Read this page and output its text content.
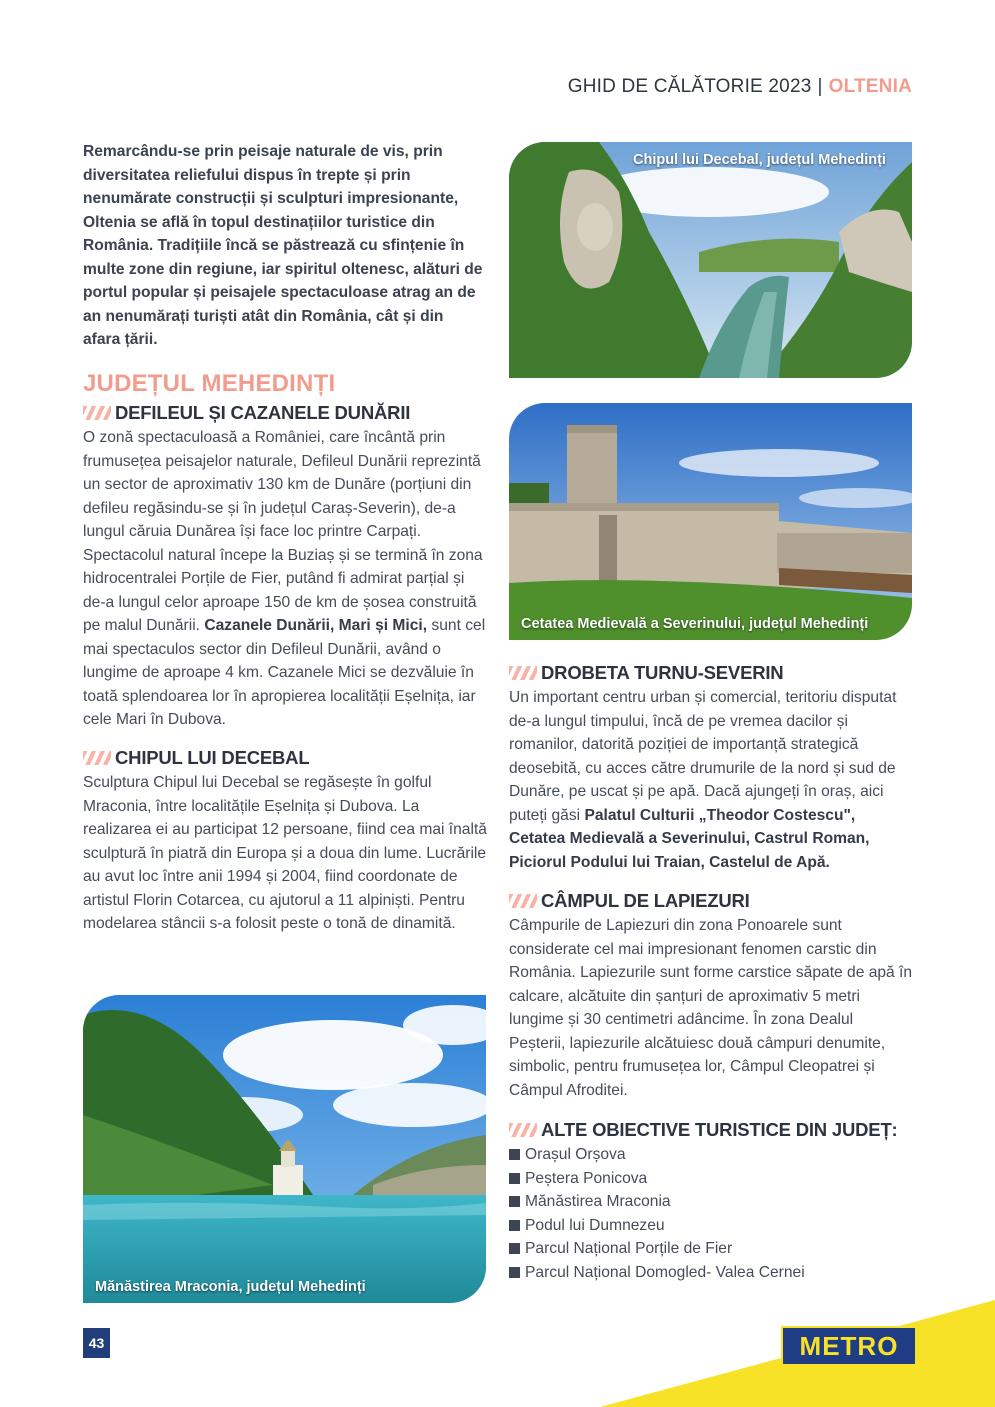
GHID DE CĂLĂTORIE 2023 | OLTENIA
Remarcându-se prin peisaje naturale de vis, prin diversitatea reliefului dispus în trepte și prin nenumărate construcții și sculpturi impresionante, Oltenia se află în topul destinațiilor turistice din România. Tradițiile încă se păstrează cu sfințenie în multe zone din regiune, iar spiritul oltenesc, alături de portul popular și peisajele spectaculoase atrag an de an nenumărați turiști atât din România, cât și din afara țării.
JUDEȚUL MEHEDINȚI
DEFILEUL ȘI CAZANELE DUNĂRII
O zonă spectaculoasă a României, care încântă prin frumusețea peisajelor naturale, Defileul Dunării reprezintă un sector de aproximativ 130 km de Dunăre (porțiuni din defileu regăsindu-se și în județul Caraș-Severin), de-a lungul căruia Dunărea își face loc printre Carpați. Spectacolul natural începe la Buziaș și se termină în zona hidrocentralei Porțile de Fier, putând fi admirat parțial și de-a lungul celor aproape 150 de km de șosea construită pe malul Dunării. Cazanele Dunării, Mari și Mici, sunt cel mai spectaculos sector din Defileul Dunării, având o lungime de aproape 4 km. Cazanele Mici se dezvăluie în toată splendoarea lor în apropierea localității Eșelnița, iar cele Mari în Dubova.
CHIPUL LUI DECEBAL
Sculptura Chipul lui Decebal se regăsește în golful Mraconia, între localitățile Eșelnița și Dubova. La realizarea ei au participat 12 persoane, fiind cea mai înaltă sculptură în piatră din Europa și a doua din lume. Lucrările au avut loc între anii 1994 și 2004, fiind coordonate de artistul Florin Cotarcea, cu ajutorul a 11 alpiniști. Pentru modelarea stâncii s-a folosit peste o tonă de dinamită.
Mănăstirea Mraconia, județul Mehedinți
Chipul lui Decebal, județul Mehedinți
Cetatea Medievală a Severinului, județul Mehedinți
DROBETA TURNU-SEVERIN
Un important centru urban și comercial, teritoriu disputat de-a lungul timpului, încă de pe vremea dacilor și romanilor, datorită poziției de importanță strategică deosebită, cu acces către drumurile de la nord și sud de Dunăre, pe uscat și pe apă. Dacă ajungeți în oraș, aici puteți găsi Palatul Culturii „Theodor Costescu", Cetatea Medievală a Severinului, Castrul Roman, Piciorul Podului lui Traian, Castelul de Apă.
CÂMPUL DE LAPIEZURI
Câmpurile de Lapiezuri din zona Ponoarele sunt considerate cel mai impresionant fenomen carstic din România. Lapiezurile sunt forme carstice săpate de apă în calcare, alcătuite din șanțuri de aproximativ 5 metri lungime și 30 centimetri adâncime. În zona Dealul Peșterii, lapiezurile alcătuiesc două câmpuri denumite, simbolic, pentru frumusețea lor, Câmpul Cleopatrei și Câmpul Afroditei.
ALTE OBIECTIVE TURISTICE DIN JUDEȚ:
Orașul Orșova
Peștera Ponicova
Mănăstirea Mraconia
Podul lui Dumnezeu
Parcul Național Porțile de Fier
Parcul Național Domogled- Valea Cernei
43	METRO
